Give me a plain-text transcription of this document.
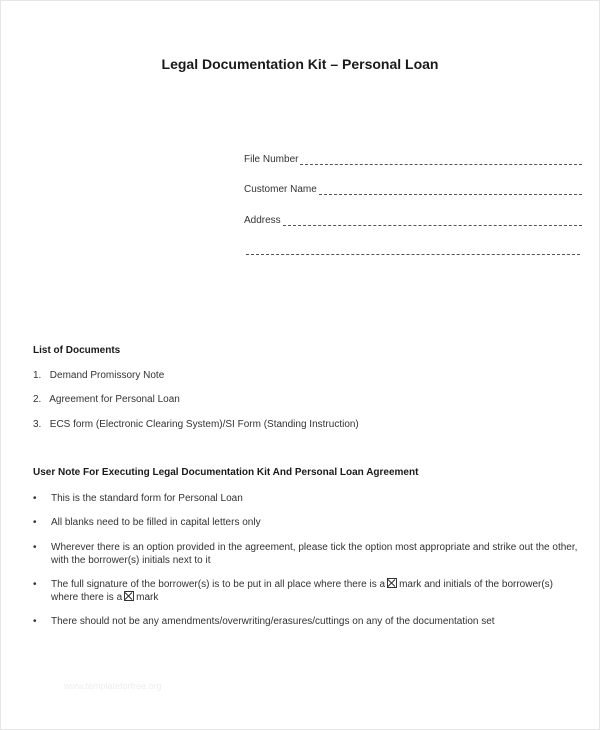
Legal Documentation Kit – Personal Loan
File Number
Customer Name
Address
List of Documents
1. Demand Promissory Note
2. Agreement for Personal Loan
3. ECS form (Electronic Clearing System)/SI Form (Standing Instruction)
User Note For Executing Legal Documentation Kit And Personal Loan Agreement
• This is the standard form for Personal Loan
• All blanks need to be filled in capital letters only
• Wherever there is an option provided in the agreement, please tick the option most appropriate and strike out the other, with the borrower(s) initials next to it
• The full signature of the borrower(s) is to be put in all place where there is a mark and initials of the borrower(s) where there is a mark
• There should not be any amendments/overwriting/erasures/cuttings on any of the documentation set
www.templateforfree.org
